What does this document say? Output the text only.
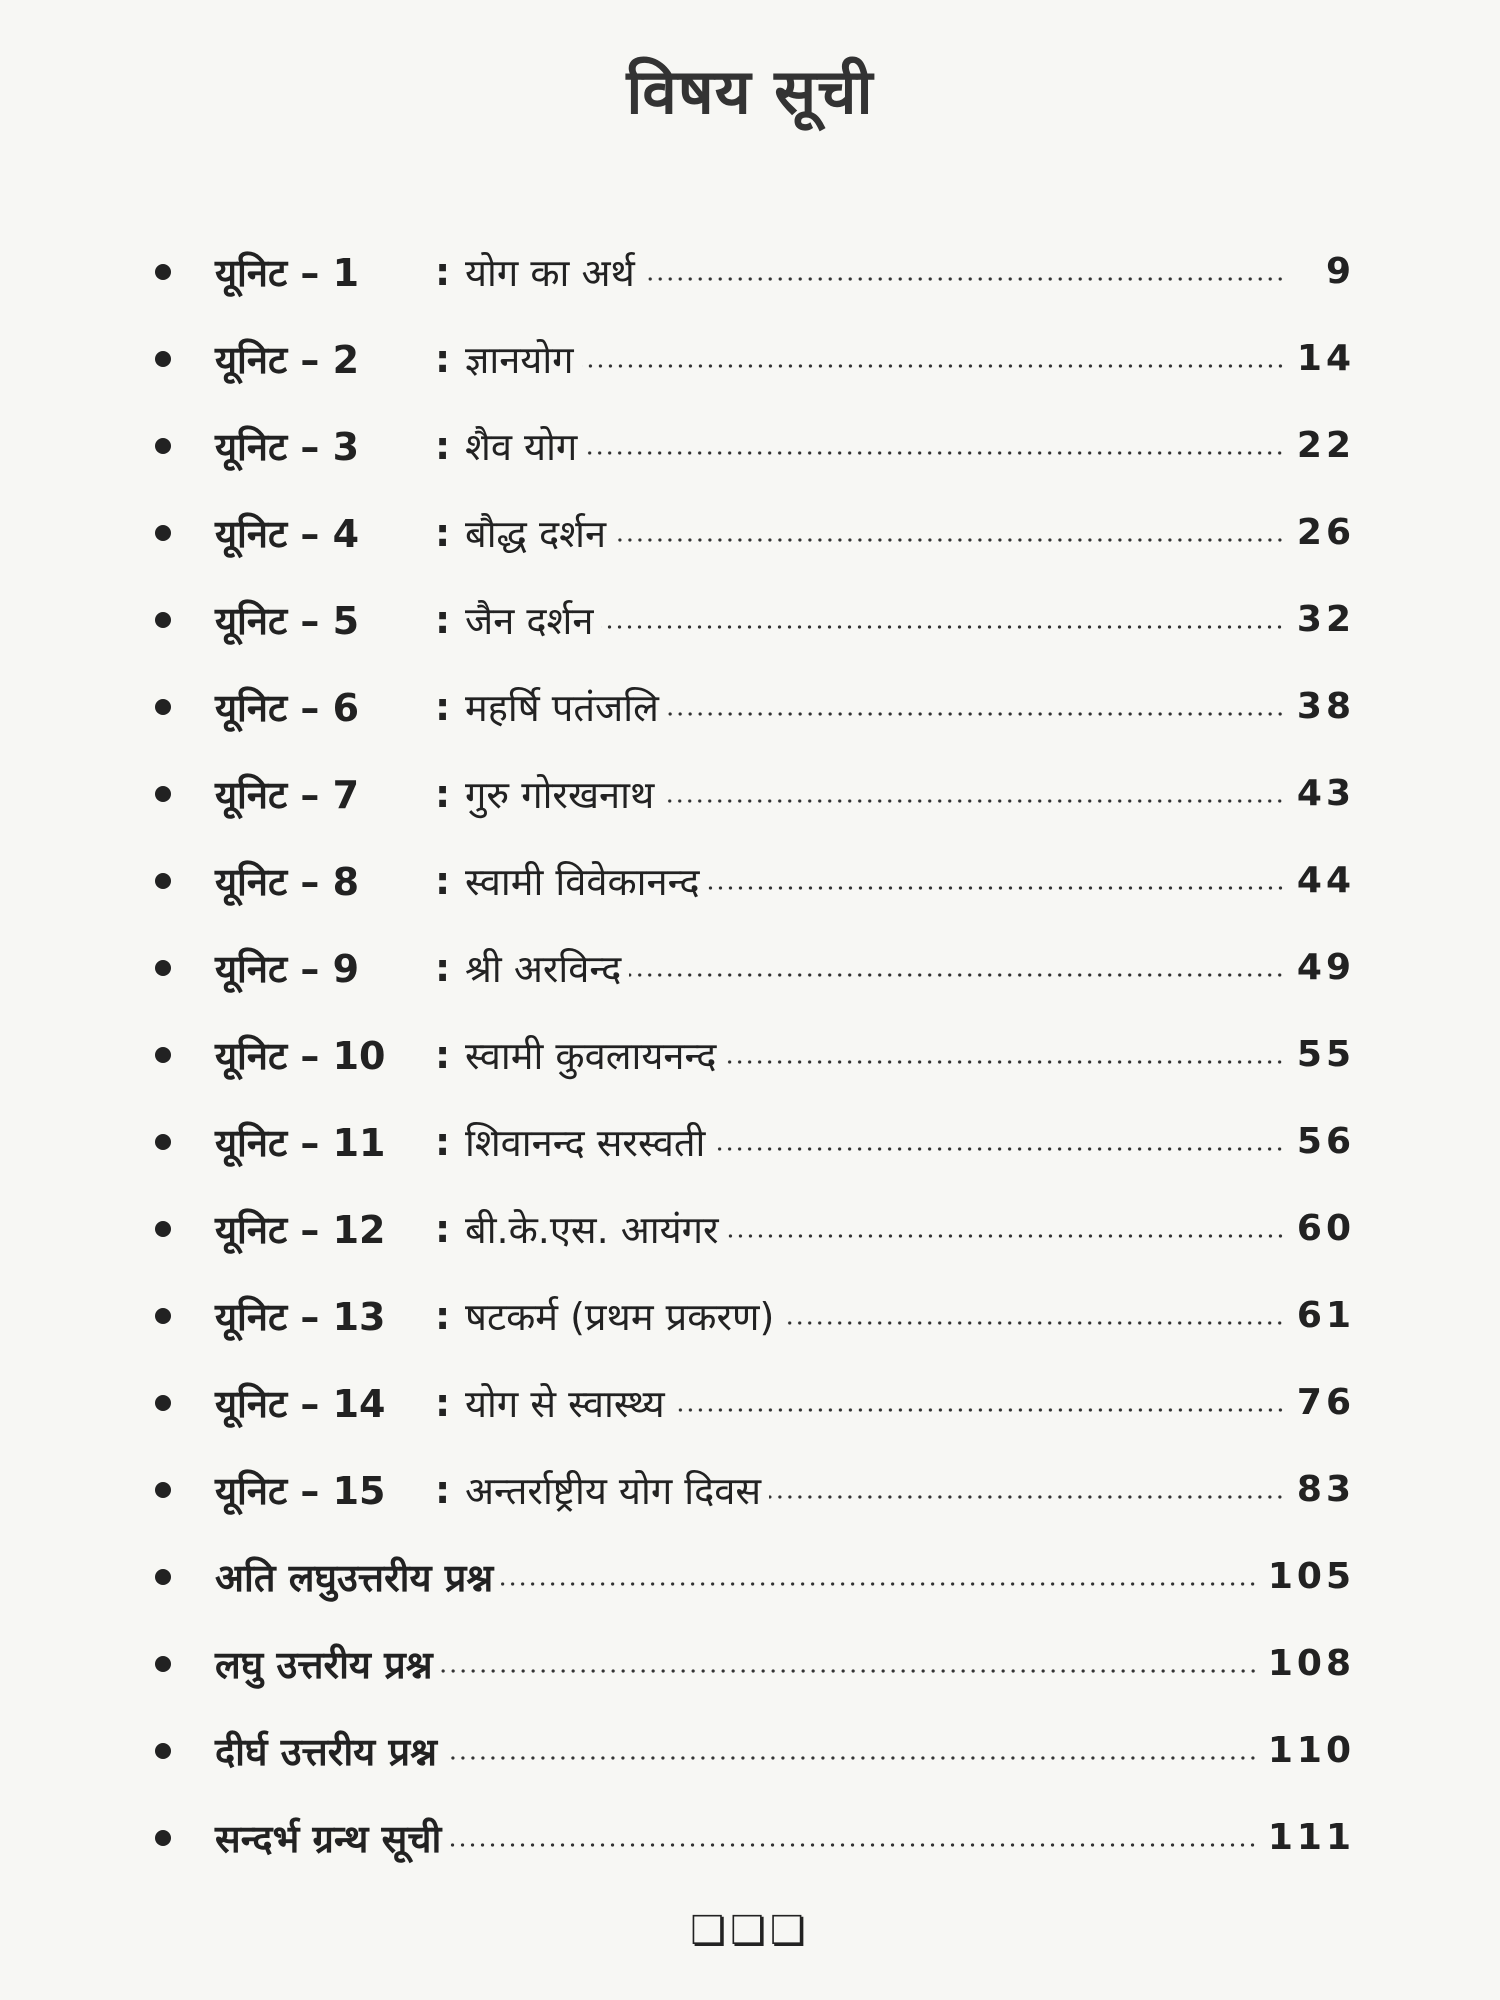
विषय सूची
यूनिट – 1	: योग का अर्थ	9
यूनिट – 2	: ज्ञानयोग	14
यूनिट – 3	: शैव योग	22
यूनिट – 4	: बौद्ध दर्शन	26
यूनिट – 5	: जैन दर्शन	32
यूनिट – 6	: महर्षि पतंजलि	38
यूनिट – 7	: गुरु गोरखनाथ	43
यूनिट – 8	: स्वामी विवेकानन्द	44
यूनिट – 9	: श्री अरविन्द	49
यूनिट – 10	: स्वामी कुवलायनन्द	55
यूनिट – 11	: शिवानन्द सरस्वती	56
यूनिट – 12	: बी.के.एस. आयंगर	60
यूनिट – 13	: षटकर्म (प्रथम प्रकरण)	61
यूनिट – 14	: योग से स्वास्थ्य	76
यूनिट – 15	: अन्तर्राष्ट्रीय योग दिवस	83
अति लघुउत्तरीय प्रश्न	105
लघु उत्तरीय प्रश्न	108
दीर्घ उत्तरीय प्रश्न	110
सन्दर्भ ग्रन्थ सूची	111
❏❏❏
